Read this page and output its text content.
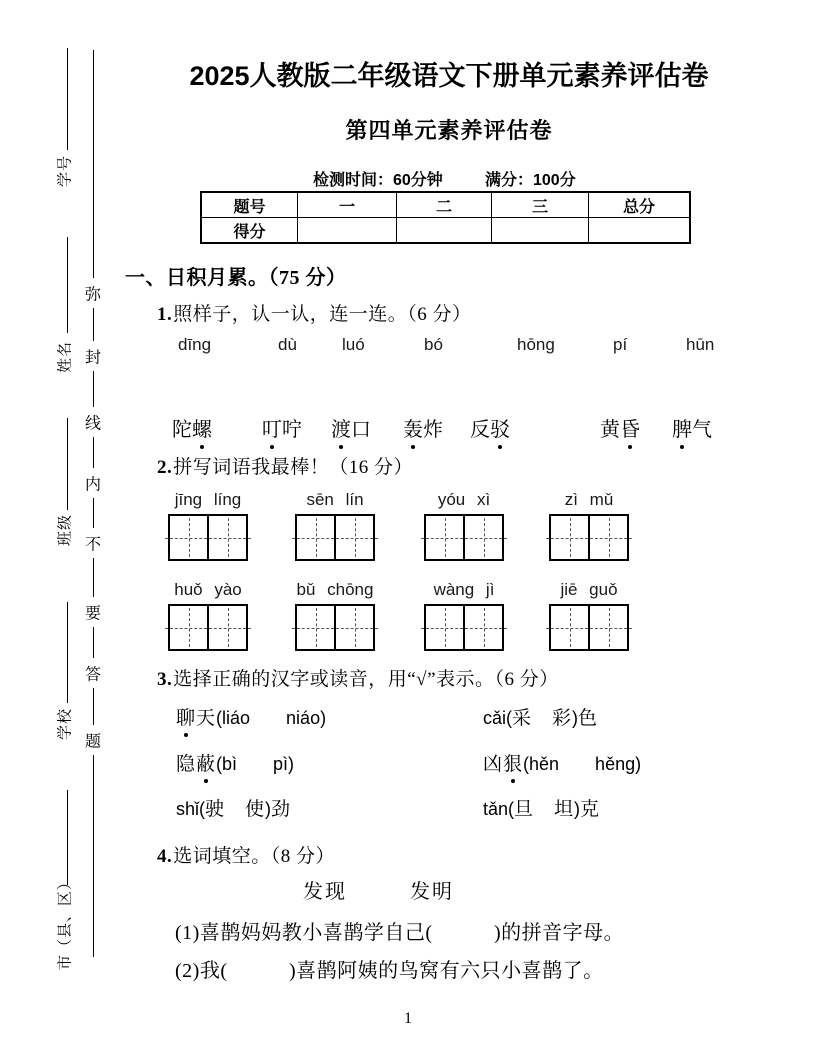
学号
姓名
班级
学校
市（县、区）
弥
封
线
内
不
要
答
题
2025人教版二年级语文下册单元素养评估卷
第四单元素养评估卷
检测时间：60分钟	满分：100分
题号	一	二	三	总分
得分				
一、日积月累。（75 分）
1.照样子，认一认，连一连。（6 分）
dīng	dù	luó	bó	hōng	pí	hūn
陀螺	叮咛 渡口 轰炸 反驳	黄昏 脾气
2.拼写词语我最棒！（16 分）
jīng líng	sēn lín	yóu xì	zì mǔ
huǒ yào	bǔ chōng	wàng jì	jiē guǒ
3.选择正确的汉字或读音，用“√”表示。（6 分）
聊天(liáo　　niáo)	cǎi(采　彩)色
隐蔽(bì　　pì)	凶狠(hěn　　hěng)
shǐ(驶　使)劲	tǎn(旦　坦)克
4.选词填空。（8 分）
发现	发明
(1)喜鹊妈妈教小喜鹊学自己(　　　)的拼音字母。
(2)我(　　　)喜鹊阿姨的鸟窝有六只小喜鹊了。
1
